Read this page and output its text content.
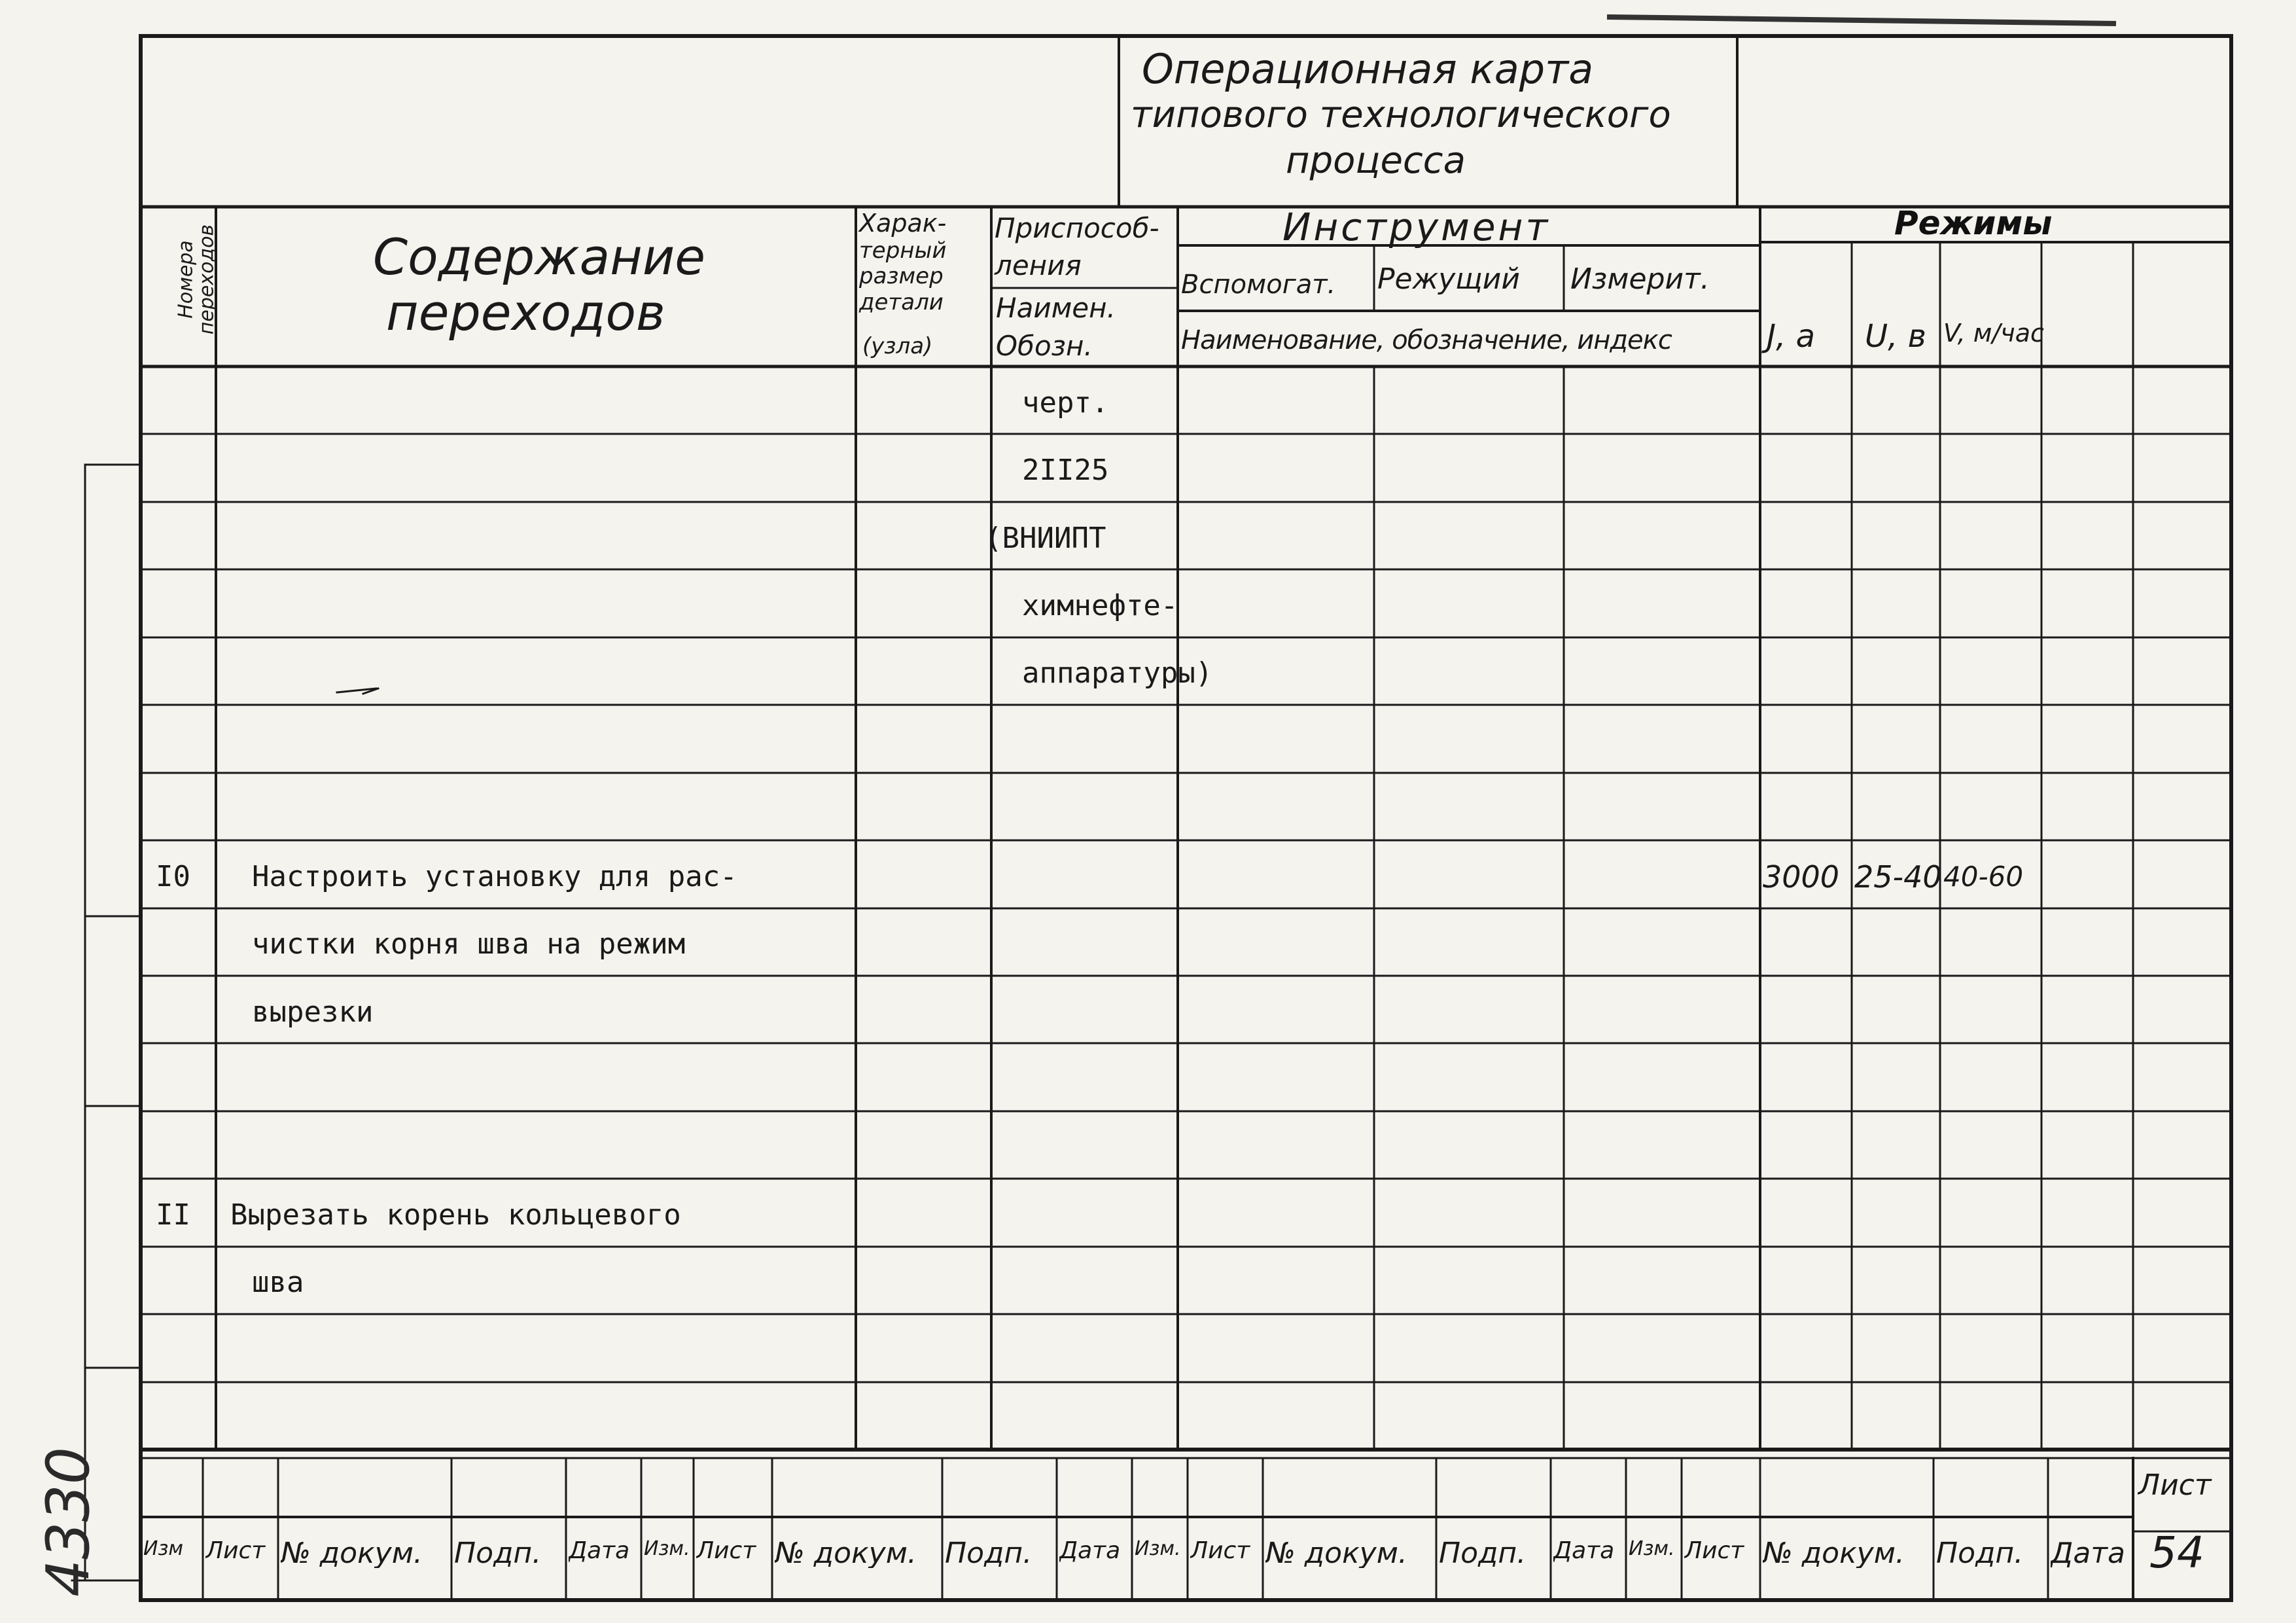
Операционная карта
типового технологического
процесса
Номера переходов	Содержание
переходов
Харак-
терный
размер
детали
(узла)
Приспособ-
ления
Наимен.
Обозн.
Инструмент
Вспомогат. Режущий Измерит.
Наименование, обозначение, индекс
Режимы
J, a U, в V, м/час
черт.
2II25
(ВНИИПТ
химнефте-
аппаратуры)
I0 Настроить установку для рас-	3000 25-40 40-60
чистки корня шва на режим
вырезки
II Вырезать корень кольцевого
шва
Изм Лист № докум.	Подп.	Дата Изм. Лист № докум. Подп.	Дата Изм. Лист № докум.	Подп.	Дата Изм. Лист № докум.	Подп. Дата
Лист
54
4330
